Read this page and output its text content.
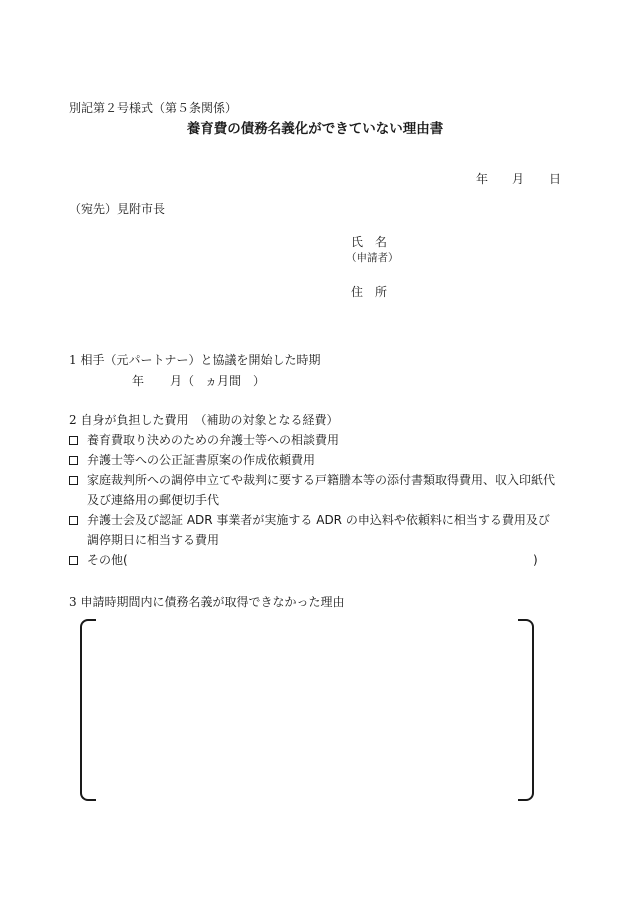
別記第２号様式（第５条関係）
養育費の債務名義化ができていない理由書
年 月 日
（宛先）見附市長
氏　名
（申請者）
住　所
1 相手（元パートナー）と協議を開始した時期
年 月（ ヵ月間　）
2 自身が負担した費用　（補助の対象となる経費）
養育費取り決めのための弁護士等への相談費用
弁護士等への公正証書原案の作成依頼費用
家庭裁判所への調停申立てや裁判に要する戸籍謄本等の添付書類取得費用、収入印紙代
及び連絡用の郵便切手代
弁護士会及び認証 ADR 事業者が実施する ADR の申込料や依頼料に相当する費用及び
調停期日に相当する費用
その他(	)
3 申請時期間内に債務名義が取得できなかった理由
